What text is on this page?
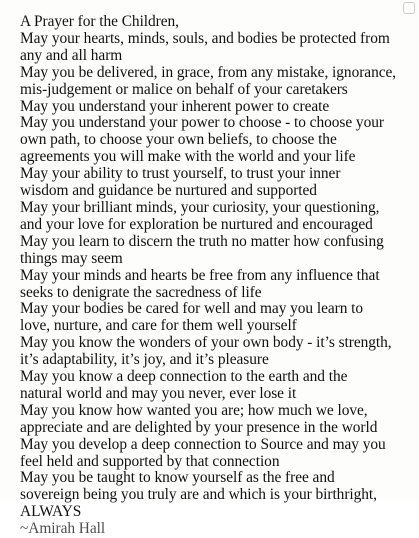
A Prayer for the Children,
May your hearts, minds, souls, and bodies be protected from
any and all harm
May you be delivered, in grace, from any mistake, ignorance,
mis-judgement or malice on behalf of your caretakers
May you understand your inherent power to create
May you understand your power to choose - to choose your
own path, to choose your own beliefs, to choose the
agreements you will make with the world and your life
May your ability to trust yourself, to trust your inner
wisdom and guidance be nurtured and supported
May your brilliant minds, your curiosity, your questioning,
and your love for exploration be nurtured and encouraged
May you learn to discern the truth no matter how confusing
things may seem
May your minds and hearts be free from any influence that
seeks to denigrate the sacredness of life
May your bodies be cared for well and may you learn to
love, nurture, and care for them well yourself
May you know the wonders of your own body - it’s strength,
it’s adaptability, it’s joy, and it’s pleasure
May you know a deep connection to the earth and the
natural world and may you never, ever lose it
May you know how wanted you are; how much we love,
appreciate and are delighted by your presence in the world
May you develop a deep connection to Source and may you
feel held and supported by that connection
May you be taught to know yourself as the free and
sovereign being you truly are and which is your birthright,
ALWAYS
~Amirah Hall
